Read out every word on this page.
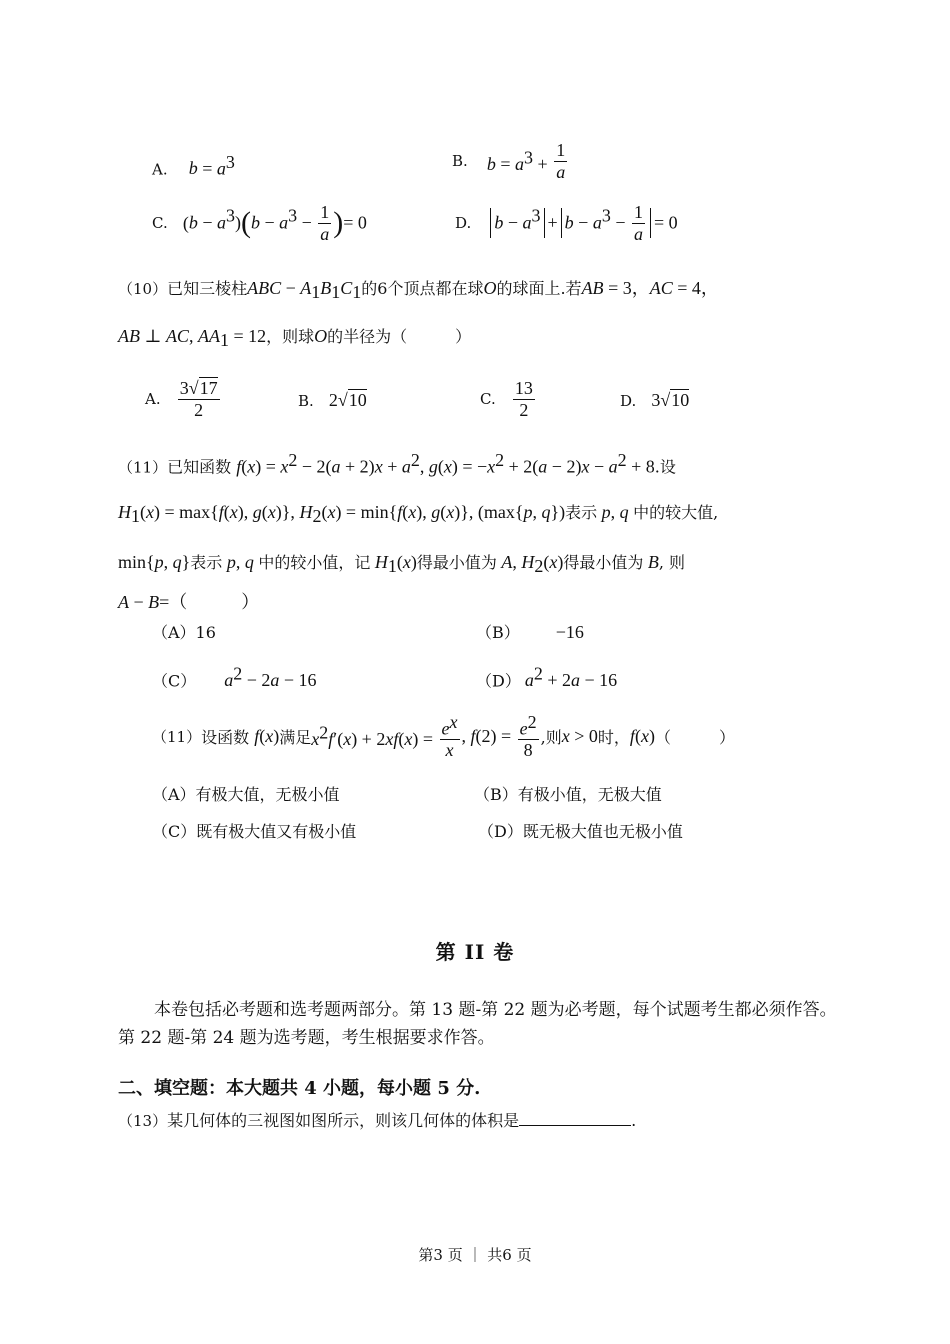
A. $b = a^3$	B. $b = a^3 + \frac{1}{a}$
C. $(b - a^3)(b - a^3 - \frac{1}{a}$ )= 0	D. $b - a^3 + b - a^3 - \frac{1}{a} = 0$
（10）已知三棱柱ABC − $A_1B_1C_1$的6个顶点都在球O的球面上.若AB = 3，AC = 4，
AB ⊥ AC, $AA_1 = 12$，则球O的半径为（　　　）
A. $\frac{3√17}{2}$	B. 2√10	C. $\frac{13}{2}$	D. 3√10
（11）已知函数 $f(x) = x^2 - 2(a + 2)x + a^2$, $g(x) = -x^2 + 2(a - 2)x - a^2 + 8$.设
$H_1(x) = \max\{f(x)$, g(x)}, $H_2(x) = \min\{f(x)$, g(x)}, (max{p, q})表示 p, q 中的较大值,
min{p, q}表示 p, q 中的较小值，记 $H_1(x)$得最小值为 A, $H_2(x)$得最小值为 B, 则
A − B=（　　　）
（A）16	（B） −16
（C） $a^2 - 2a - 16$	（D） $a^2 + 2a - 16$
（11）设函数 f(x)满足$x^2f'(x) + 2xf(x) = \frac{e^x}{x}$ , $f(2) = \frac{e^2}{8}$ ,则x > 0时，f(x)（　　　）
（A）有极大值，无极小值	（B）有极小值，无极大值
（C）既有极大值又有极小值	（D）既无极大值也无极小值
第 II 卷
本卷包括必考题和选考题两部分。第 13 题-第 22 题为必考题，每个试题考生都必须作答。第 22 题-第 24 题为选考题，考生根据要求作答。
二、填空题：本大题共 4 小题，每小题 5 分.
（13）某几何体的三视图如图所示，则该几何体的体积是	.
第3 页 ｜ 共6 页
